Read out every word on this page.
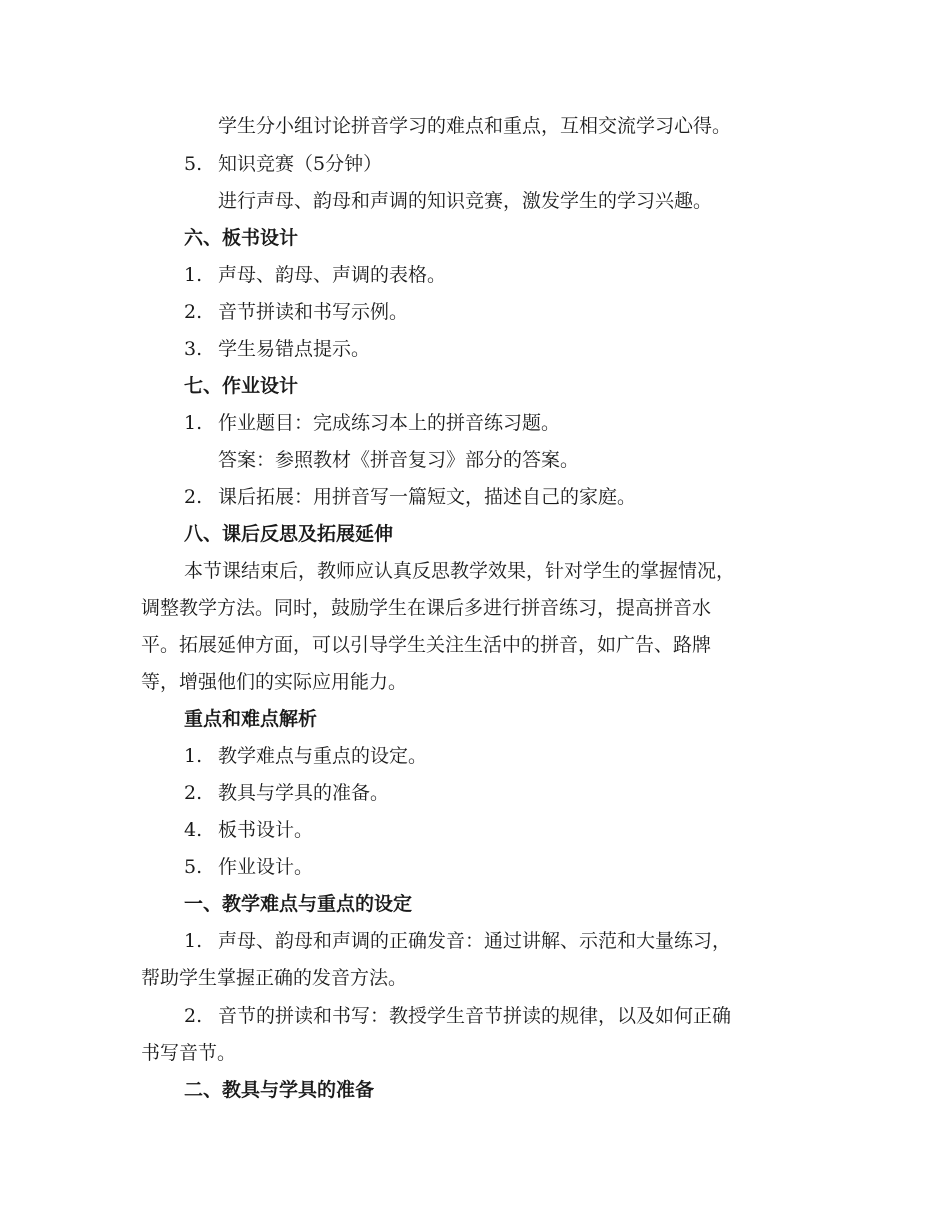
学生分小组讨论拼音学习的难点和重点，互相交流学习心得。
5. 知识竞赛（5分钟）
进行声母、韵母和声调的知识竞赛，激发学生的学习兴趣。
六、板书设计
1. 声母、韵母、声调的表格。
2. 音节拼读和书写示例。
3. 学生易错点提示。
七、作业设计
1. 作业题目：完成练习本上的拼音练习题。
答案：参照教材《拼音复习》部分的答案。
2. 课后拓展：用拼音写一篇短文，描述自己的家庭。
八、课后反思及拓展延伸
本节课结束后，教师应认真反思教学效果，针对学生的掌握情况，
调整教学方法。同时，鼓励学生在课后多进行拼音练习，提高拼音水
平。拓展延伸方面，可以引导学生关注生活中的拼音，如广告、路牌
等，增强他们的实际应用能力。
重点和难点解析
1. 教学难点与重点的设定。
2. 教具与学具的准备。
4. 板书设计。
5. 作业设计。
一、教学难点与重点的设定
1. 声母、韵母和声调的正确发音：通过讲解、示范和大量练习，
帮助学生掌握正确的发音方法。
2. 音节的拼读和书写：教授学生音节拼读的规律，以及如何正确
书写音节。
二、教具与学具的准备
